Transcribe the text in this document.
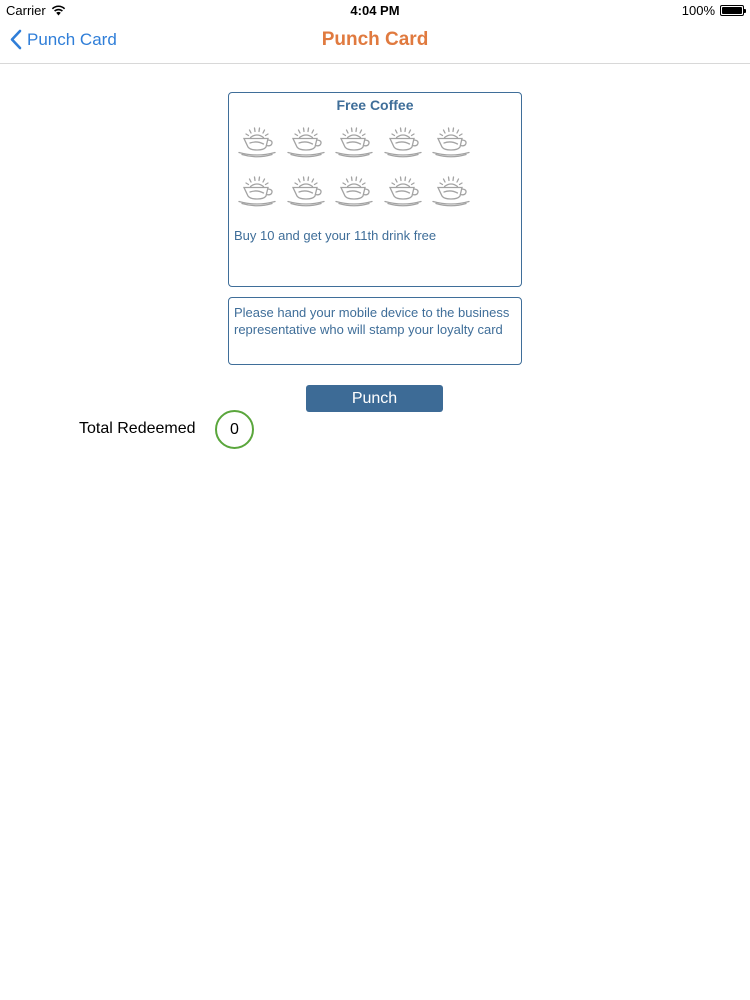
Carrier	4:04 PM	100%
Punch Card	Punch Card
Free Coffee
Buy 10 and get your 11th drink free
Please hand your mobile device to the business representative who will stamp your loyalty card
Punch
Total Redeemed	0
